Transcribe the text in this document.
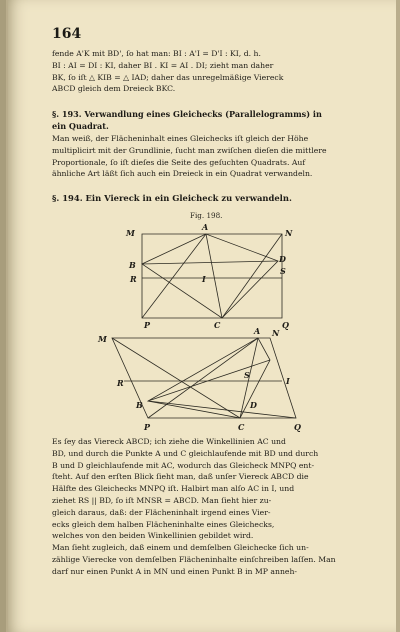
164
fende A'K mit BD', ſo hat man: BI : A'I = D'I : KI, d. h.
BI : AI = DI : KI, daher BI . KI = AI . DI; zieht man daher
BK, ſo iſt △ KIB = △ IAD; daher das unregelmäßige Viereck
ABCD gleich dem Dreieck BKC.
§. 193. Verwandlung eines Gleichecks (Parallelogramms) in
ein Quadrat.
Man weiß, der Flächeninhalt eines Gleichecks iſt gleich der Höhe
multiplicirt mit der Grundlinie, ſucht man zwiſchen dieſen die mittlere
Proportionale, ſo iſt dieſes die Seite des geſuchten Quadrats. Auf
ähnliche Art läßt ſich auch ein Dreieck in ein Quadrat verwandeln.
§. 194. Ein Viereck in ein Gleicheck zu verwandeln.
Fig. 198.
M
A
N
B
D
S
R	I
P	C	Q
M
A N
S
I
R
D
B
P	C	Q
Es ſey das Viereck ABCD; ich ziehe die Winkellinien AC und
BD, und durch die Punkte A und C gleichlaufende mit BD und durch
B und D gleichlaufende mit AC, wodurch das Gleicheck MNPQ ent-
ſteht. Auf den erſten Blick ſieht man, daß unſer Viereck ABCD die
Hälfte des Gleichecks MNPQ iſt. Halbirt man alſo AC in I, und
ziehet RS || BD, ſo iſt MNSR = ABCD. Man ſieht hier zu-
gleich daraus, daß: der Flächeninhalt irgend eines Vier-
ecks gleich dem halben Flächeninhalte eines Gleichecks,
welches von den beiden Winkellinien gebildet wird.
Man ſieht zugleich, daß einem und demſelben Gleichecke ſich un-
zählige Vierecke von demſelben Flächeninhalte einſchreiben laſſen. Man
darf nur einen Punkt A in MN und einen Punkt B in MP anneh-
